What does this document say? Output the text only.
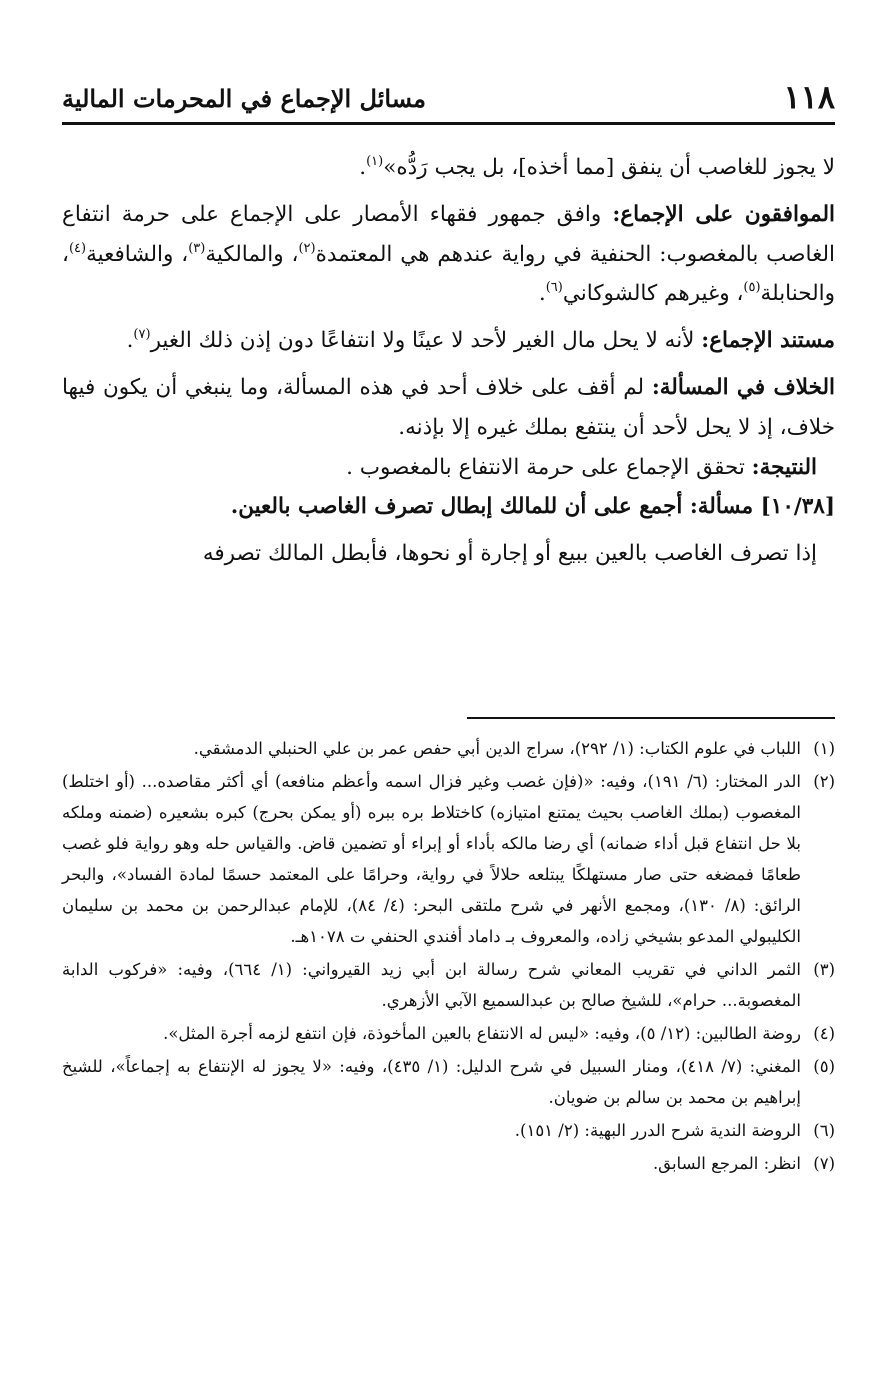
١١٨
مسائل الإجماع في المحرمات المالية

لا يجوز للغاصب أن ينفق [مما أخذه]، بل يجب رَدُّه»$^{(١)}$.

الموافقون على الإجماع: وافق جمهور فقهاء الأمصار على الإجماع على حرمة انتفاع الغاصب بالمغصوب: الحنفية في رواية عندهم هي المعتمدة$^{(٢)}$، والمالكية$^{(٣)}$، والشافعية$^{(٤)}$، والحنابلة$^{(٥)}$، وغيرهم كالشوكاني$^{(٦)}$.

مستند الإجماع: لأنه لا يحل مال الغير لأحد لا عينًا ولا انتفاعًا دون إذن ذلك الغير$^{(٧)}$.

الخلاف في المسألة: لم أقف على خلاف أحد في هذه المسألة، وما ينبغي أن يكون فيها خلاف، إذ لا يحل لأحد أن ينتفع بملك غيره إلا بإذنه.

النتيجة: تحقق الإجماع على حرمة الانتفاع بالمغصوب .

[١٠/٣٨] مسألة: أجمع على أن للمالك إبطال تصرف الغاصب بالعين.

إذا تصرف الغاصب بالعين ببيع أو إجارة أو نحوها، فأبطل المالك تصرفه

(١)
اللباب في علوم الكتاب: (١/ ٢٩٢)، سراج الدين أبي حفص عمر بن علي الحنبلي الدمشقي.
(٢)
الدر المختار: (٦/ ١٩١)، وفيه: «(فإن غصب وغير فزال اسمه وأعظم منافعه) أي أكثر مقاصده... (أو اختلط) المغصوب (بملك الغاصب بحيث يمتنع امتيازه) كاختلاط بره ببره (أو يمكن بحرج) كبره بشعيره (ضمنه وملكه بلا حل انتفاع قبل أداء ضمانه) أي رضا مالكه بأداء أو إبراء أو تضمين قاض. والقياس حله وهو رواية فلو غصب طعامًا فمضغه حتى صار مستهلكًا يبتلعه حلالاً في رواية، وحرامًا على المعتمد حسمًا لمادة الفساد»، والبحر الرائق: (٨/ ١٣٠)، ومجمع الأنهر في شرح ملتقى البحر: (٤/ ٨٤)، للإمام عبدالرحمن بن محمد بن سليمان الكليبولي المدعو بشيخي زاده، والمعروف بـ داماد أفندي الحنفي ت ١٠٧٨هـ.
(٣)
الثمر الداني في تقريب المعاني شرح رسالة ابن أبي زيد القيرواني: (١/ ٦٦٤)، وفيه: «فركوب الدابة المغصوبة... حرام»، للشيخ صالح بن عبدالسميع الآبي الأزهري.
(٤)
روضة الطالبين: (١٢/ ٥)، وفيه: «ليس له الانتفاع بالعين المأخوذة، فإن انتفع لزمه أجرة المثل».
(٥)
المغني: (٧/ ٤١٨)، ومنار السبيل في شرح الدليل: (١/ ٤٣٥)، وفيه: «لا يجوز له الإنتفاع به إجماعاً»، للشيخ إبراهيم بن محمد بن سالم بن ضويان.
(٦)
الروضة الندية شرح الدرر البهية: (٢/ ١٥١).
(٧)
انظر: المرجع السابق.
